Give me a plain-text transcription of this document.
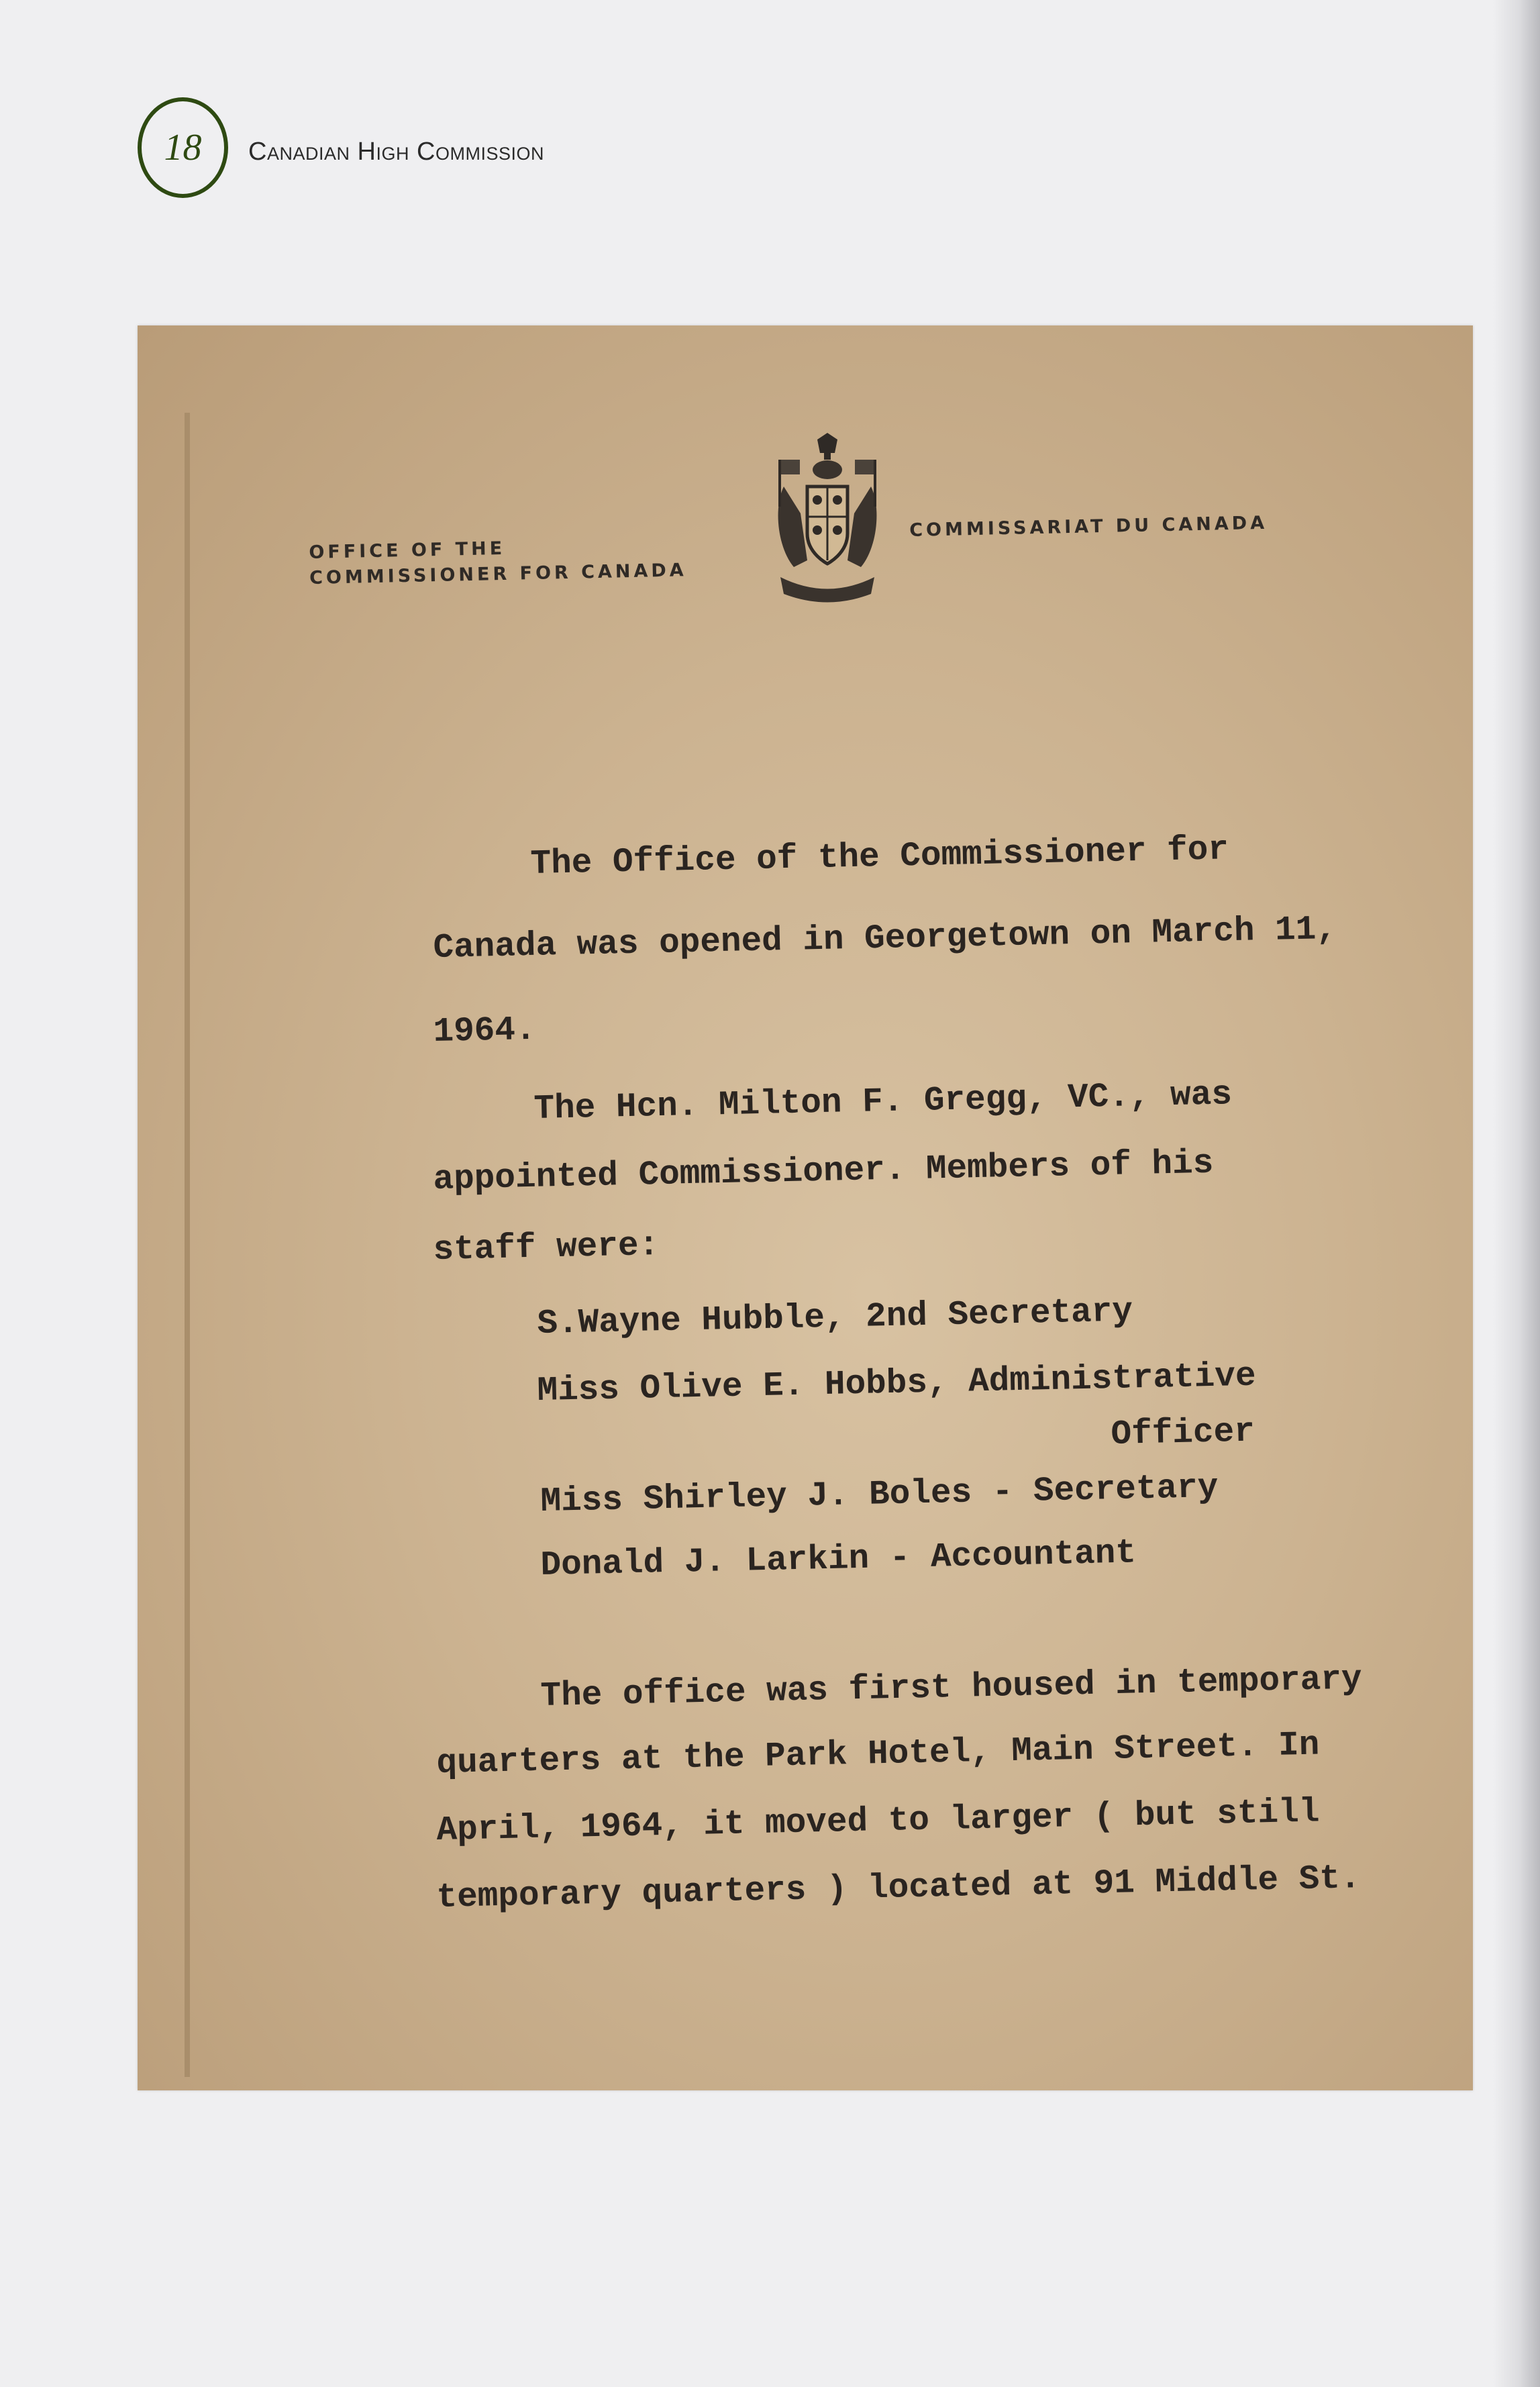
18 Canadian High Commission
OFFICE OF THE
COMMISSIONER FOR CANADA
COMMISSARIAT DU CANADA
The Office of the Commissioner for
Canada was opened in Georgetown on March 11,
1964.
The Hcn. Milton F. Gregg, VC., was
appointed Commissioner. Members of his
staff were:
S.Wayne Hubble, 2nd Secretary
Miss Olive E. Hobbs, Administrative
Officer
Miss Shirley J. Boles - Secretary
Donald J. Larkin - Accountant
The office was first housed in temporary
quarters at the Park Hotel, Main Street. In
April, 1964, it moved to larger ( but still
temporary quarters ) located at 91 Middle St.
